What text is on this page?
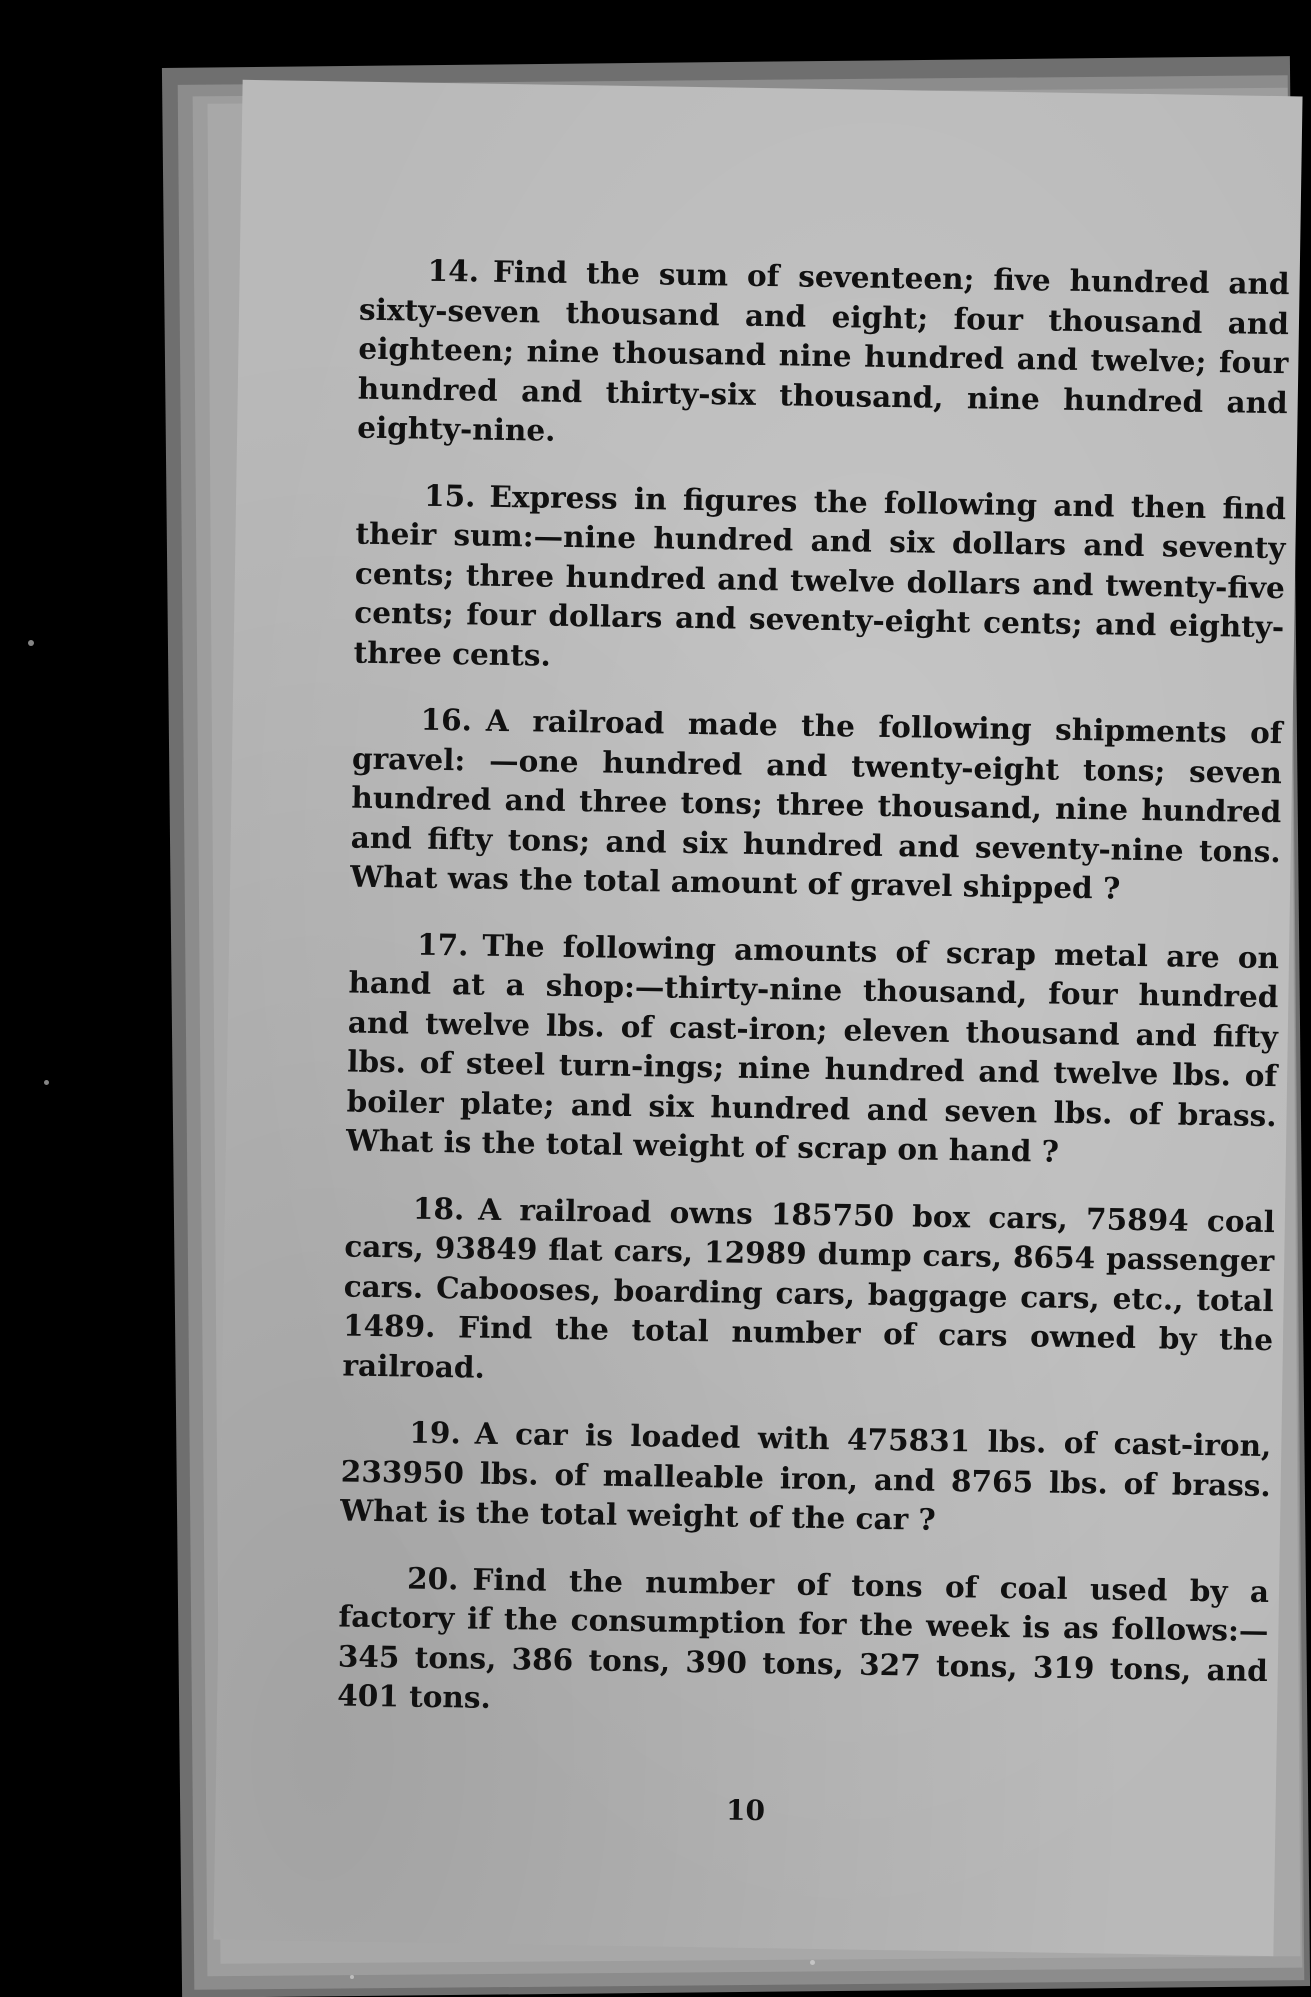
14. Find the sum of seventeen; five hundred and sixty-seven thousand and eight; four thousand and eighteen; nine thousand nine hundred and twelve; four hundred and thirty-six thousand, nine hundred and eighty-nine.

15. Express in figures the following and then find their sum:—nine hundred and six dollars and seventy cents; three hundred and twelve dollars and twenty-five cents; four dollars and seventy-eight cents; and eighty-three cents.

16. A railroad made the following shipments of gravel: —one hundred and twenty-eight tons; seven hundred and three tons; three thousand, nine hundred and fifty tons; and six hundred and seventy-nine tons. What was the total amount of gravel shipped ?

17. The following amounts of scrap metal are on hand at a shop:—thirty-nine thousand, four hundred and twelve lbs. of cast-iron; eleven thousand and fifty lbs. of steel turn-ings; nine hundred and twelve lbs. of boiler plate; and six hundred and seven lbs. of brass. What is the total weight of scrap on hand ?

18. A railroad owns 185750 box cars, 75894 coal cars, 93849 flat cars, 12989 dump cars, 8654 passenger cars. Cabooses, boarding cars, baggage cars, etc., total 1489. Find the total number of cars owned by the railroad.

19. A car is loaded with 475831 lbs. of cast-iron, 233950 lbs. of malleable iron, and 8765 lbs. of brass. What is the total weight of the car ?

20. Find the number of tons of coal used by a factory if the consumption for the week is as follows:—345 tons, 386 tons, 390 tons, 327 tons, 319 tons, and 401 tons.

10
